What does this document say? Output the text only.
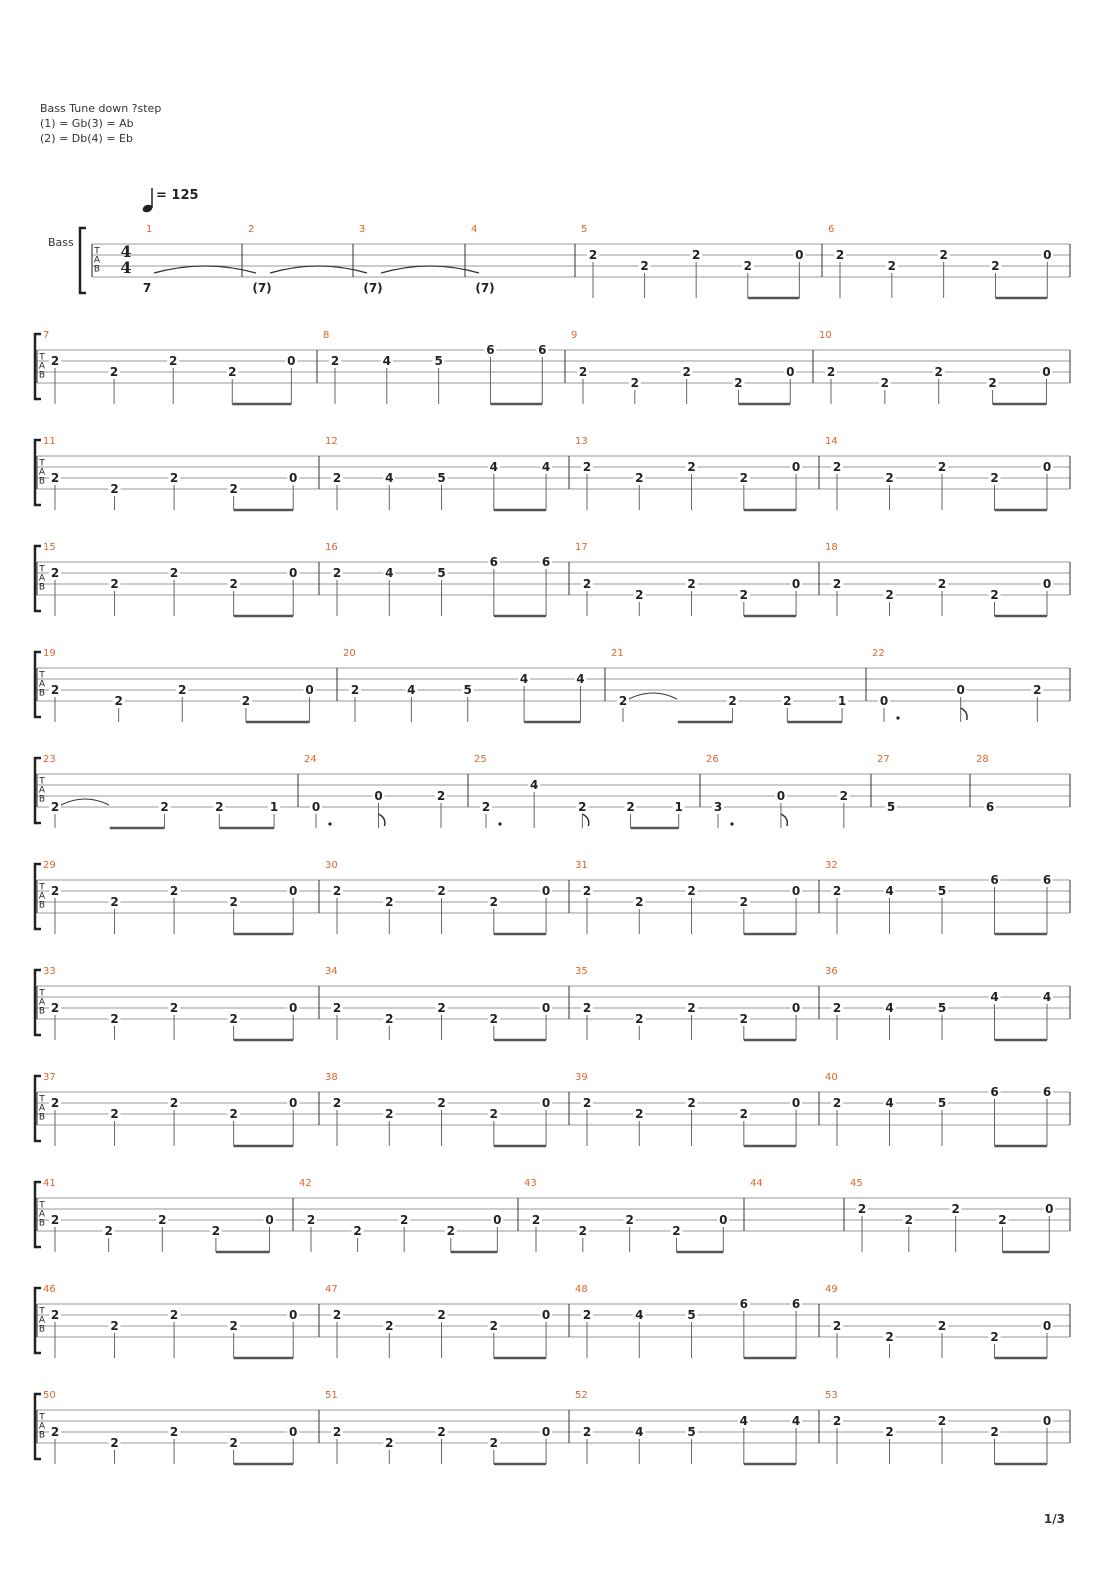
Bass Tune down ?step
(1) = Gb(3) = Ab
(2) = Db(4) = Eb
= 125
Bass
T
A
B
4
4
1
7
2
(7)
3
(7)
4
(7)
5
2
2
2
2
0
6
2
2
2
2
0
T
A
B
7
2
2
2
2
0
8
2	4	5
6	6
9
2
2
2
2
0
10
2
2
2
2
0
T
A
B
11
2
2
2
2
0
12
2	4	5
4	4
13
2
2
2
2
0
14
2
2
2
2
0
T
A
B
15
2
2
2
2
0
16
2	4	5
6	6
17
2
2
2
2
0
18
2
2
2
2
0
T
A
B
19
2
2
2
2
0
20
2	4	5
4	4
21
2	2	2	1
22
0
0	2
T
A
B
23
2	2	2	1
24
0
0	2
25
2
4
2	2	1
26
3
0	2
27
5
28
6
T
A
B
29
2
2
2
2
0
30
2
2
2
2
0
31
2
2
2
2
0
32
2	4	5
6	6
T
A
B
33
2
2
2
2
0
34
2
2
2
2
0
35
2
2
2
2
0
36
2	4	5
4	4
T
A
B
37
2
2
2
2
0
38
2
2
2
2
0
39
2
2
2
2
0
40
2	4	5
6	6
T
A
B
41
2
2
2
2
0
42
2
2
2
2
0
43
2
2
2
2
0
44	45
2
2
2
2
0
T
A
B
46
2
2
2
2
0
47
2
2
2
2
0
48
2	4	5
6	6
49
2
2
2
2
0
T
A
B
50
2
2
2
2
0
51
2
2
2
2
0
52
2	4	5
4	4
53
2
2
2
2
0
1/3
